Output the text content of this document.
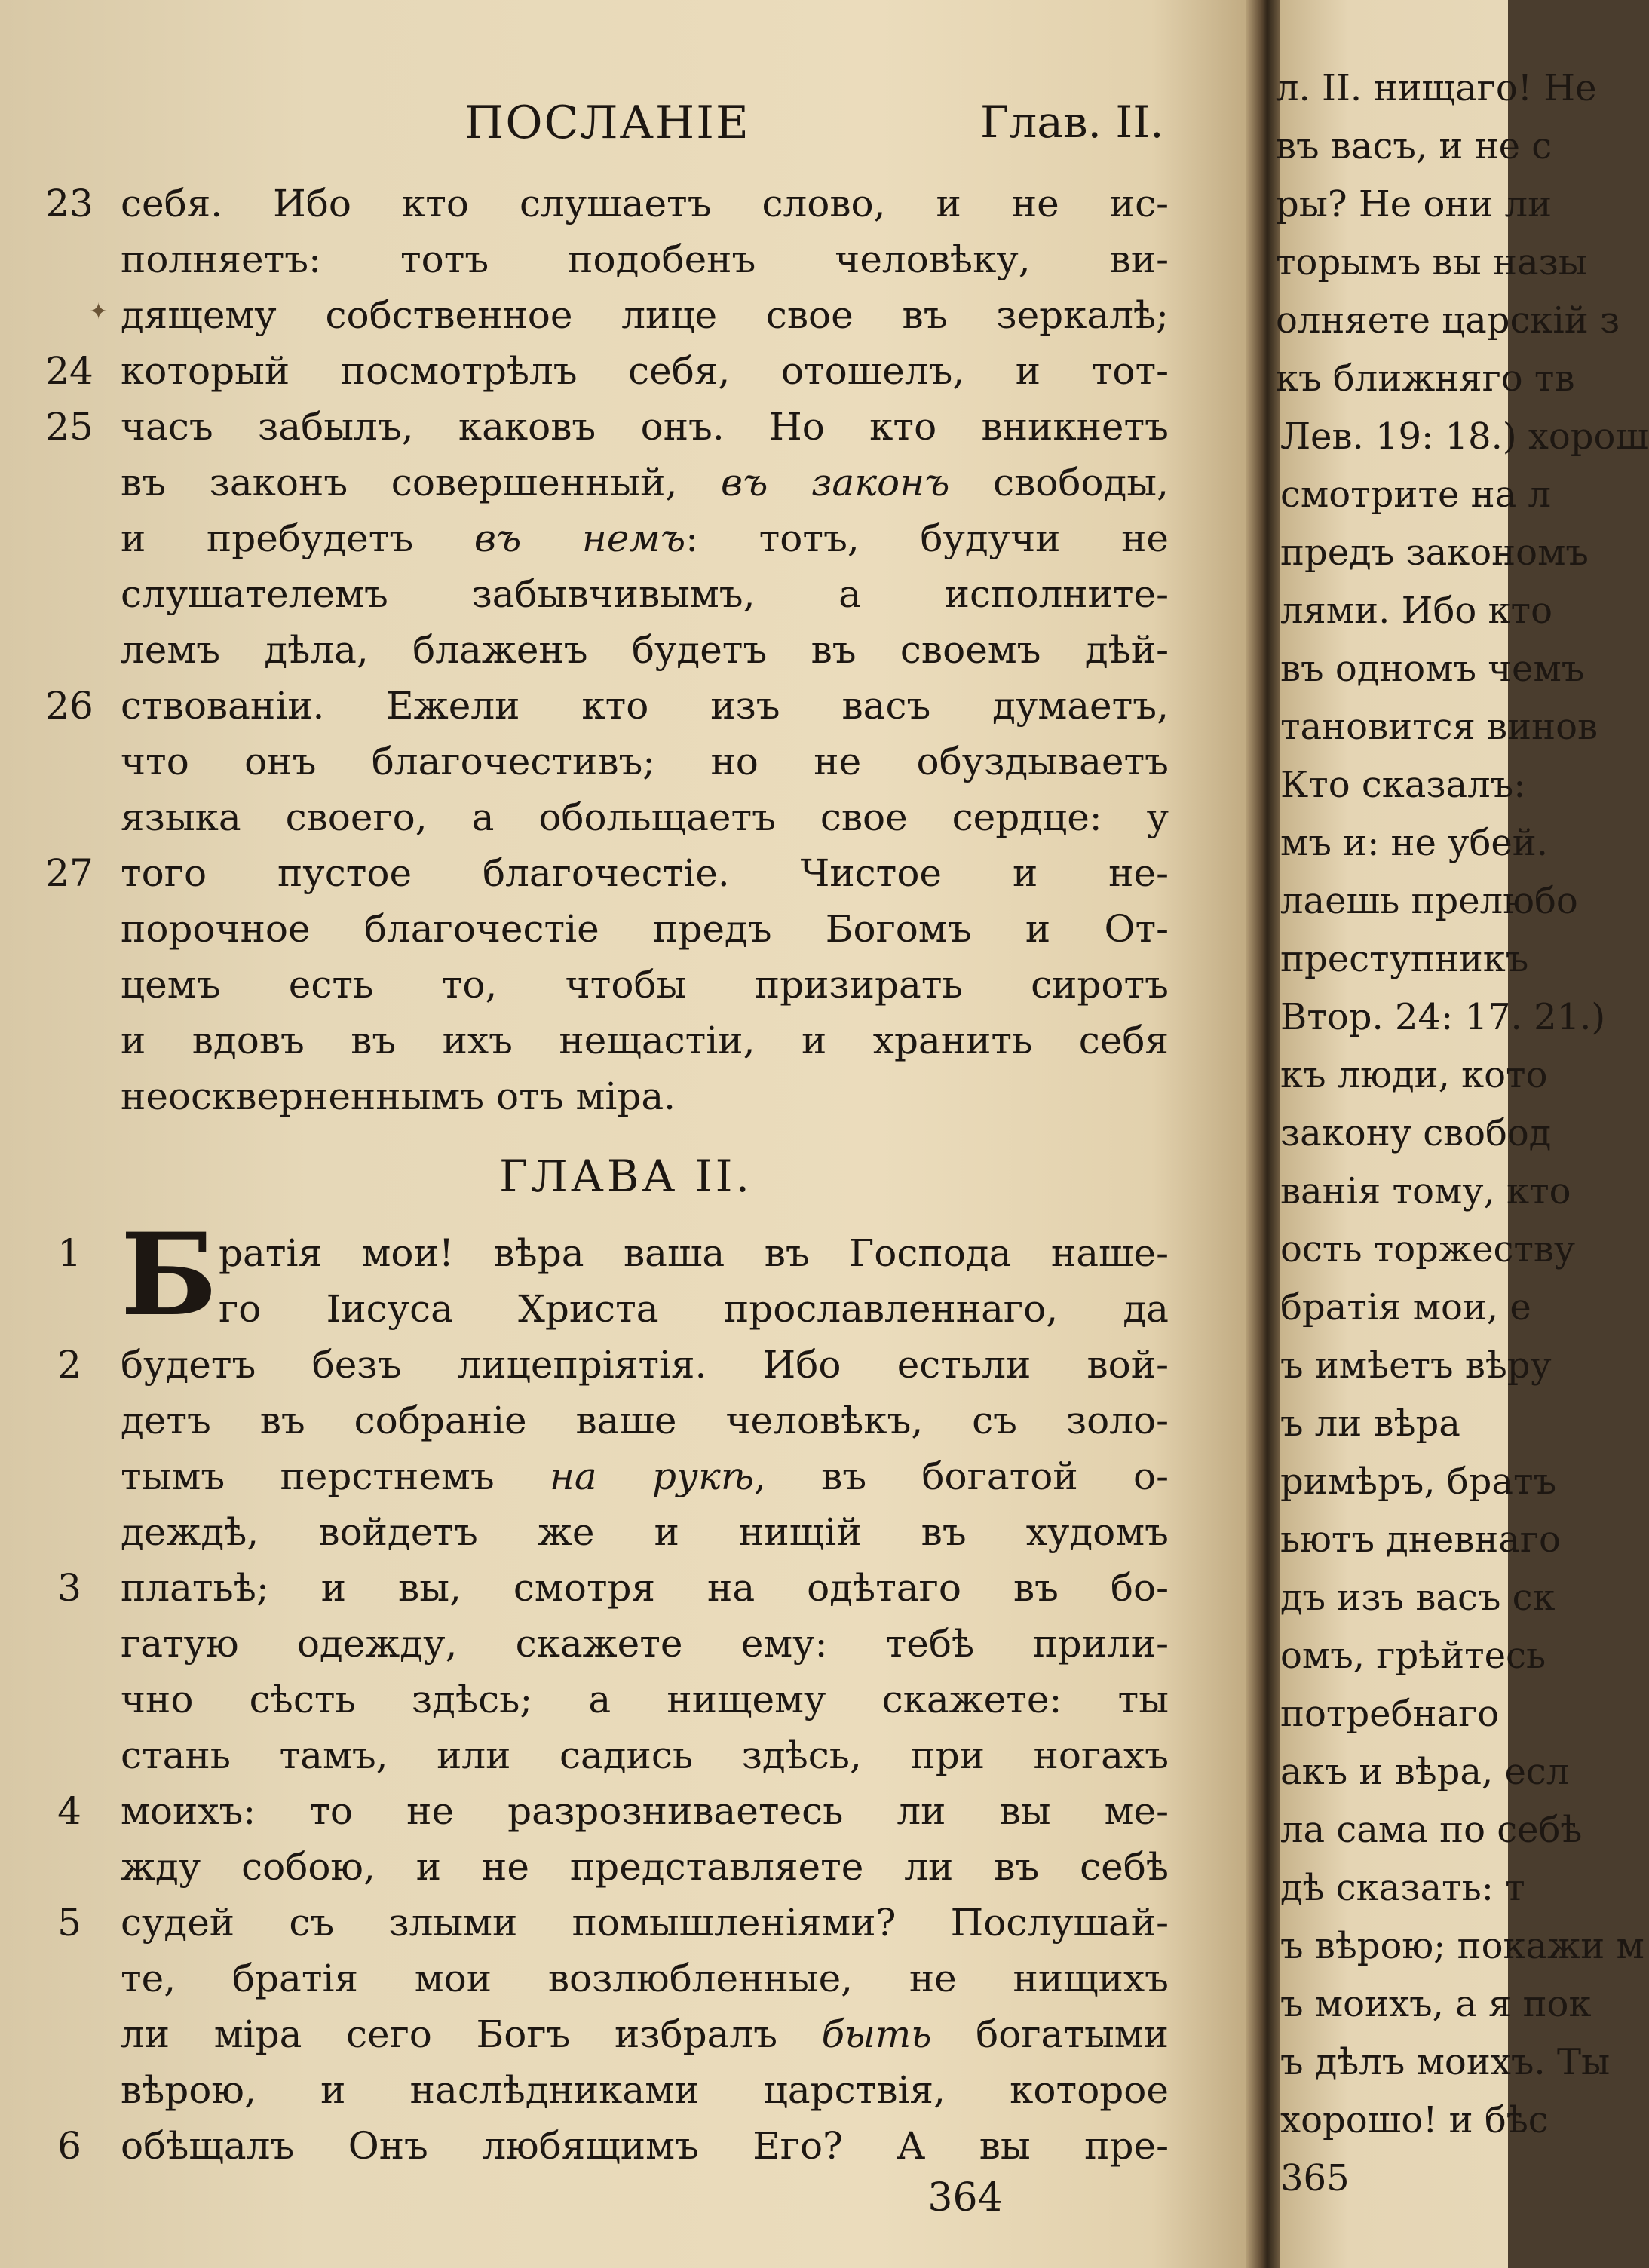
ПОСЛАНІЕ	Глав. II.
23 себя. Ибо кто слушаетъ слово, и не ис-
полняетъ: тотъ подобенъ человѣку, ви-
дящему собственное лице свое въ зеркалѣ;
24 который посмотрѣлъ себя, отошелъ, и тот-
25 часъ забылъ, каковъ онъ. Но кто вникнетъ
въ законъ совершенный, въ законъ свободы,
и пребудетъ въ немъ: тотъ, будучи не
слушателемъ забывчивымъ, а исполните-
лемъ дѣла, блаженъ будетъ въ своемъ дѣй-
26 ствованіи. Ежели кто изъ васъ думаетъ,
что онъ благочестивъ; но не обуздываетъ
языка своего, а обольщаетъ свое сердце: у
27 того пустое благочестіе. Чистое и не-
порочное благочестіе предъ Богомъ и От-
цемъ есть то, чтобы призирать сиротъ
и вдовъ въ ихъ нещастіи, и хранить себя
неоскверненнымъ отъ міра.
ГЛАВА II.
Б
1	ратія мои! вѣра ваша въ Господа наше-
го Іисуса Христа прославленнаго, да
2	будетъ безъ лицепріятія. Ибо естьли вой-
детъ въ собраніе ваше человѣкъ, съ золо-
тымъ перстнемъ на рукѣ, въ богатой о-
деждѣ, войдетъ же и нищій въ худомъ
3	платьѣ; и вы, смотря на одѣтаго въ бо-
гатую одежду, скажете ему: тебѣ прили-
чно сѣсть здѣсь; а нищему скажете: ты
стань тамъ, или садись здѣсь, при ногахъ
4	моихъ: то не разрозниваетесь ли вы ме-
жду собою, и не представляете ли въ себѣ
5	судей съ злыми помышленіями? Послушай-
те, братія мои возлюбленные, не нищихъ
ли міра сего Богъ избралъ быть богатыми
вѣрою, и наслѣдниками царствія, которое
6	обѣщалъ Онъ любящимъ Его? А вы пре-
364
✦
л. II. нищаго! Не
въ васъ, и не с
ры? Не они ли
торымъ вы назы
олняете царскій з
къ ближняго тв
Лев. 19: 18.) хорош
смотрите на л
предъ закономъ
лями. Ибо кто
въ одномъ чемъ
тановится винов
Кто сказалъ:
мъ и: не убей.
лаешь прелюбо
преступникъ
Втор. 24: 17. 21.)
къ люди, кото
закону свобод
ванія тому, кто
ость торжеству
братія мои, е
ъ имѣетъ вѣру
ъ ли вѣра
римѣръ, братъ
ьютъ дневнаго
дъ изъ васъ ск
омъ, грѣйтесь
потребнаго
акъ и вѣра, есл
ла сама по себѣ
дѣ сказать: т
ъ вѣрою; покажи м
ъ моихъ, а я пок
ъ дѣлъ моихъ. Ты
хорошо! и бѣс
365
